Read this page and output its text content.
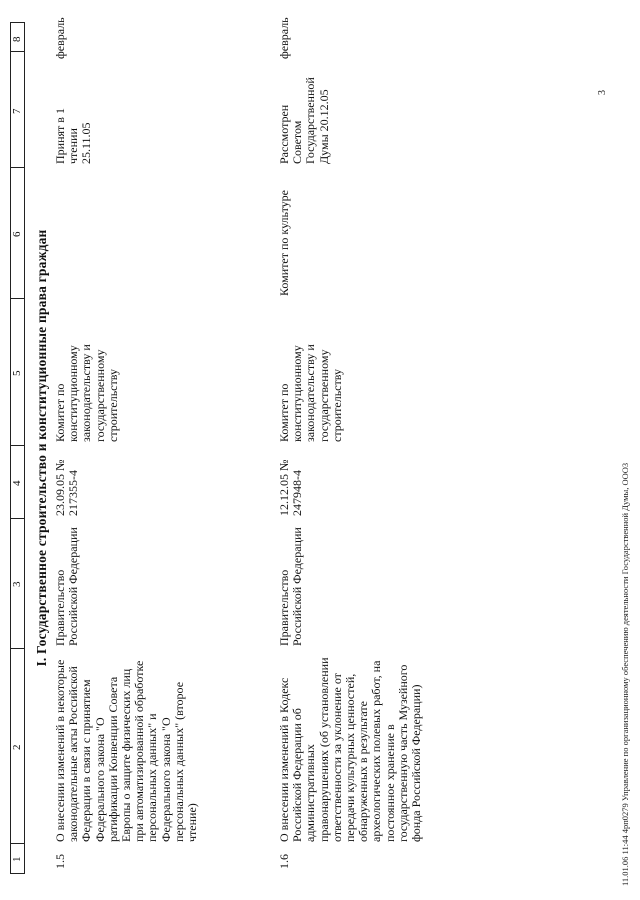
1
2
3
4
5
6
7
8
I. Государственное строительство и конституционные права граждан
1.5
О внесении изменений в некоторые законодательные акты Российской Федерации в связи с принятием Федерального закона "О ратификации Конвенции Совета Европы о защите физических лиц при автоматизированной обработке персональных данных" и Федерального закона "О персональных данных" (второе чтение)
Правительство Российской Федерации
23.09.05 № 217355-4
Комитет по конституционному законодательству и государственному строительству
Принят в 1 чтении 25.11.05
февраль
1.6
О внесении изменений в Кодекс Российской Федерации об административных правонарушениях (об установлении ответственности за уклонение от передачи культурных ценностей, обнаруженных в результате археологических полевых работ, на постоянное хранение в государственную часть Музейного фонда Российской Федерации)
Правительство Российской Федерации
12.12.05 № 247948-4
Комитет по конституционному законодательству и государственному строительству
Комитет по культуре
Рассмотрен Советом Государственной Думы 20.12.05
февраль
11.01.06 11:44 4рп0279 Управление по организационному обеспечению деятельности Государственной Думы, ООО3
3
